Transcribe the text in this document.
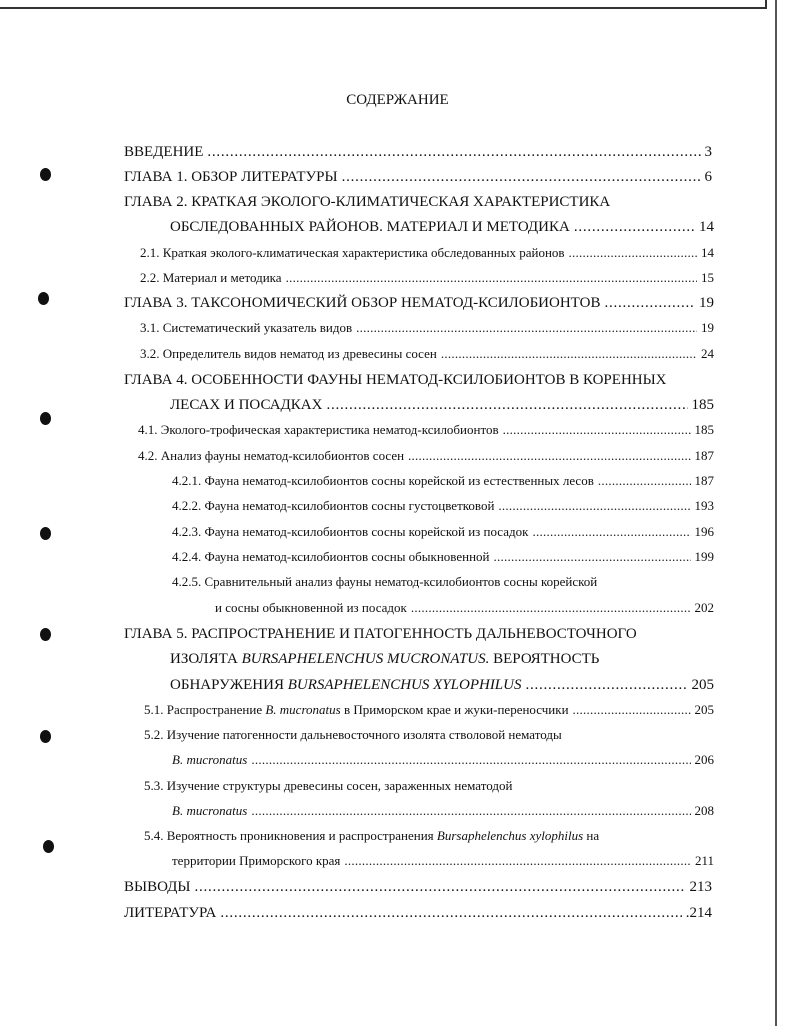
СОДЕРЖАНИЕ
ВВЕДЕНИЕ . . .	3
ГЛАВА 1. ОБЗОР ЛИТЕРАТУРЫ . . .	6
ГЛАВА 2. КРАТКАЯ ЭКОЛОГО-КЛИМАТИЧЕСКАЯ ХАРАКТЕРИСТИКА
ОБСЛЕДОВАННЫХ РАЙОНОВ. МАТЕРИАЛ И МЕТОДИКА . . .	14
2.1. Краткая эколого-климатическая характеристика обследованных районов . . .	14
2.2. Материал и методика . . .	15
ГЛАВА 3. ТАКСОНОМИЧЕСКИЙ ОБЗОР НЕМАТОД-КСИЛОБИОНТОВ . . .	19
3.1. Систематический указатель видов . . .	19
3.2. Определитель видов нематод из древесины сосен . . .	24
ГЛАВА 4. ОСОБЕННОСТИ ФАУНЫ НЕМАТОД-КСИЛОБИОНТОВ В КОРЕННЫХ
ЛЕСАХ И ПОСАДКАХ . . .	185
4.1. Эколого-трофическая характеристика нематод-ксилобионтов . . .	185
4.2. Анализ фауны нематод-ксилобионтов сосен . . .	187
4.2.1. Фауна нематод-ксилобионтов сосны корейской из естественных лесов . . .	187
4.2.2. Фауна нематод-ксилобионтов сосны густоцветковой . . .	193
4.2.3. Фауна нематод-ксилобионтов сосны корейской из посадок . . .	196
4.2.4. Фауна нематод-ксилобионтов сосны обыкновенной . . .	199
4.2.5. Сравнительный анализ фауны нематод-ксилобионтов сосны корейской
и сосны обыкновенной из посадок . . .	202
ГЛАВА 5. РАСПРОСТРАНЕНИЕ И ПАТОГЕННОСТЬ ДАЛЬНЕВОСТОЧНОГО
ИЗОЛЯТА BURSAPHELENCHUS MUCRONATUS. ВЕРОЯТНОСТЬ
ОБНАРУЖЕНИЯ BURSAPHELENCHUS XYLOPHILUS . . .	205
5.1. Распространение B. mucronatus в Приморском крае и жуки-переносчики . . .	205
5.2. Изучение патогенности дальневосточного изолята стволовой нематоды
B. mucronatus . . .	206
5.3. Изучение структуры древесины сосен, зараженных нематодой
B. mucronatus . . .	208
5.4. Вероятность проникновения и распространения Bursaphelenchus xylophilus на
территории Приморского края . . .	211
ВЫВОДЫ . . .	213
ЛИТЕРАТУРА . . .	.214
